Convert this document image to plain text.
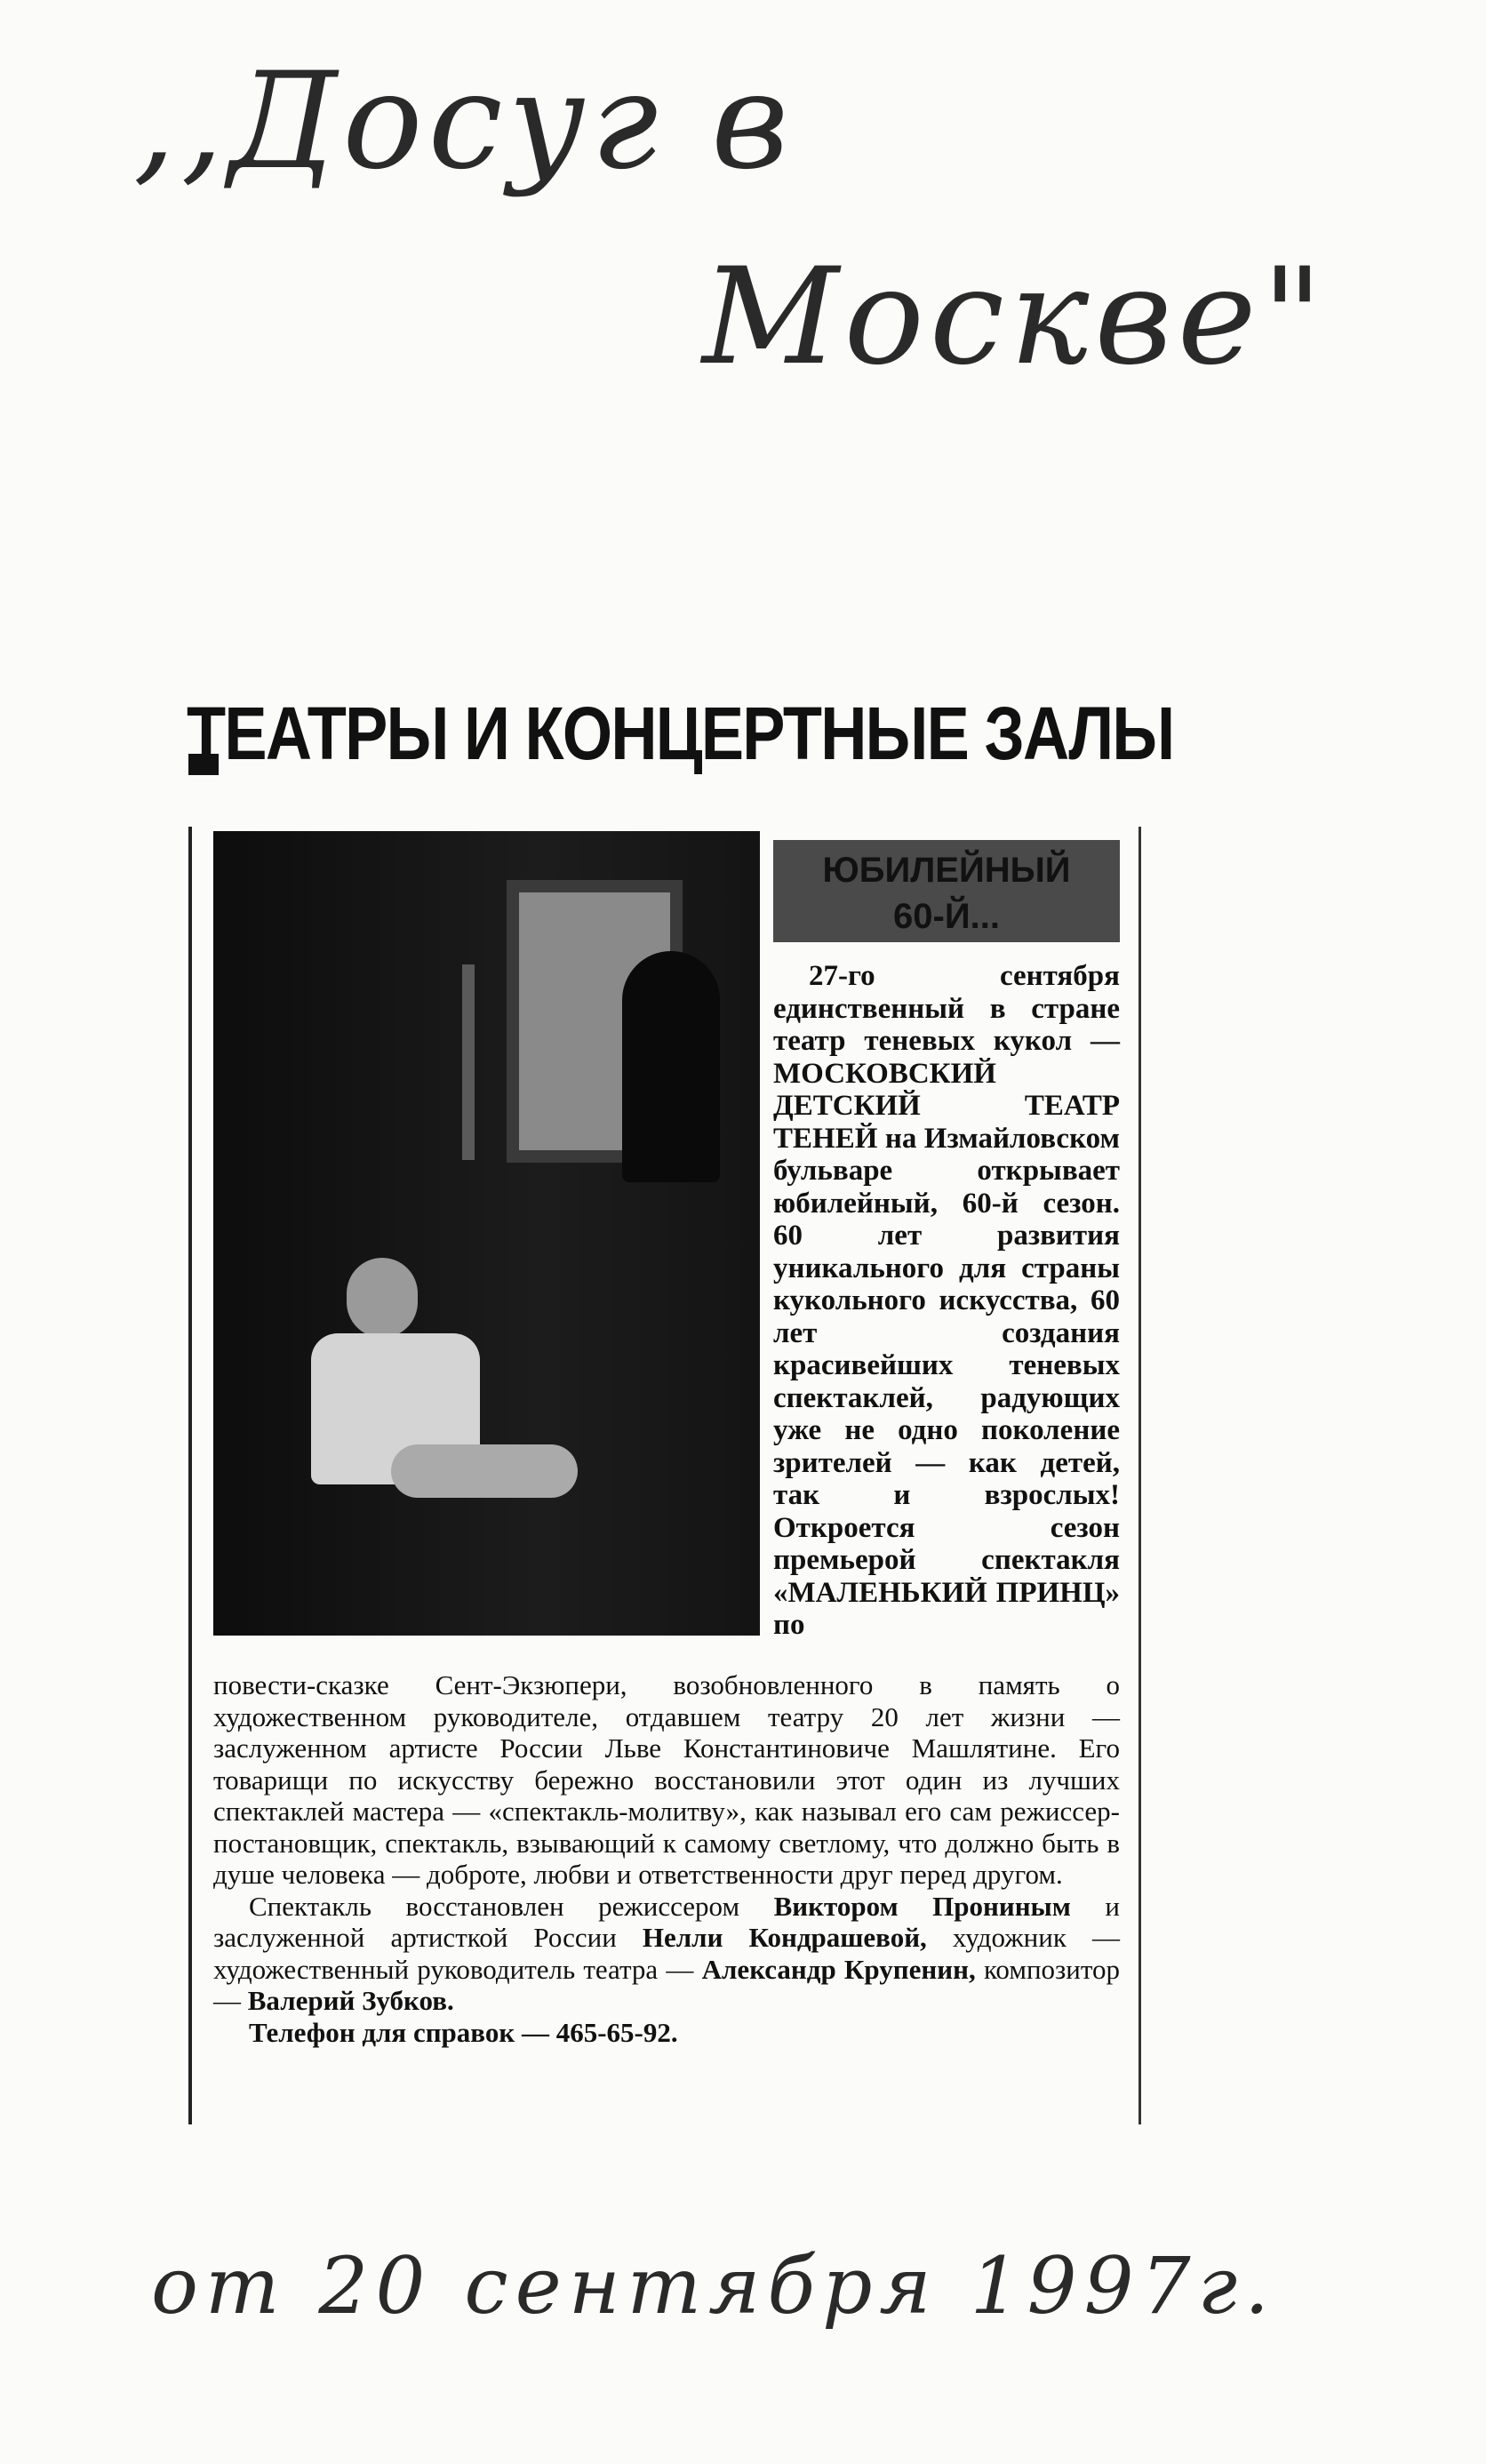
,,Досуг в
Москве"
ТЕАТРЫ И КОНЦЕРТНЫЕ ЗАЛЫ
ЮБИЛЕЙНЫЙ
60-Й...
27-го сентября единственный в стране театр теневых кукол — МОСКОВСКИЙ ДЕТСКИЙ ТЕАТР ТЕНЕЙ на Измайловском бульваре открывает юбилейный, 60-й сезон. 60 лет развития уникального для страны кукольного искусства, 60 лет создания красивейших теневых спектаклей, радующих уже не одно поколение зрителей — как детей, так и взрослых! Откроется сезон премьерой спектакля «МАЛЕНЬКИЙ ПРИНЦ» по

повести-сказке Сент-Экзюпери, возобновленного в память о художественном руководителе, отдавшем театру 20 лет жизни — заслуженном артисте России Льве Константиновиче Машлятине. Его товарищи по искусству бережно восстановили этот один из лучших спектаклей мастера — «спектакль-молитву», как называл его сам режиссер-постановщик, спектакль, взывающий к самому светлому, что должно быть в душе человека — доброте, любви и ответственности друг перед другом.

Спектакль восстановлен режиссером Виктором Прониным и заслуженной артисткой России Нелли Кондрашевой, художник — художественный руководитель театра — Александр Крупенин, композитор — Валерий Зубков.

Телефон для справок — 465-65-92.

от 20 сентября 1997г.
